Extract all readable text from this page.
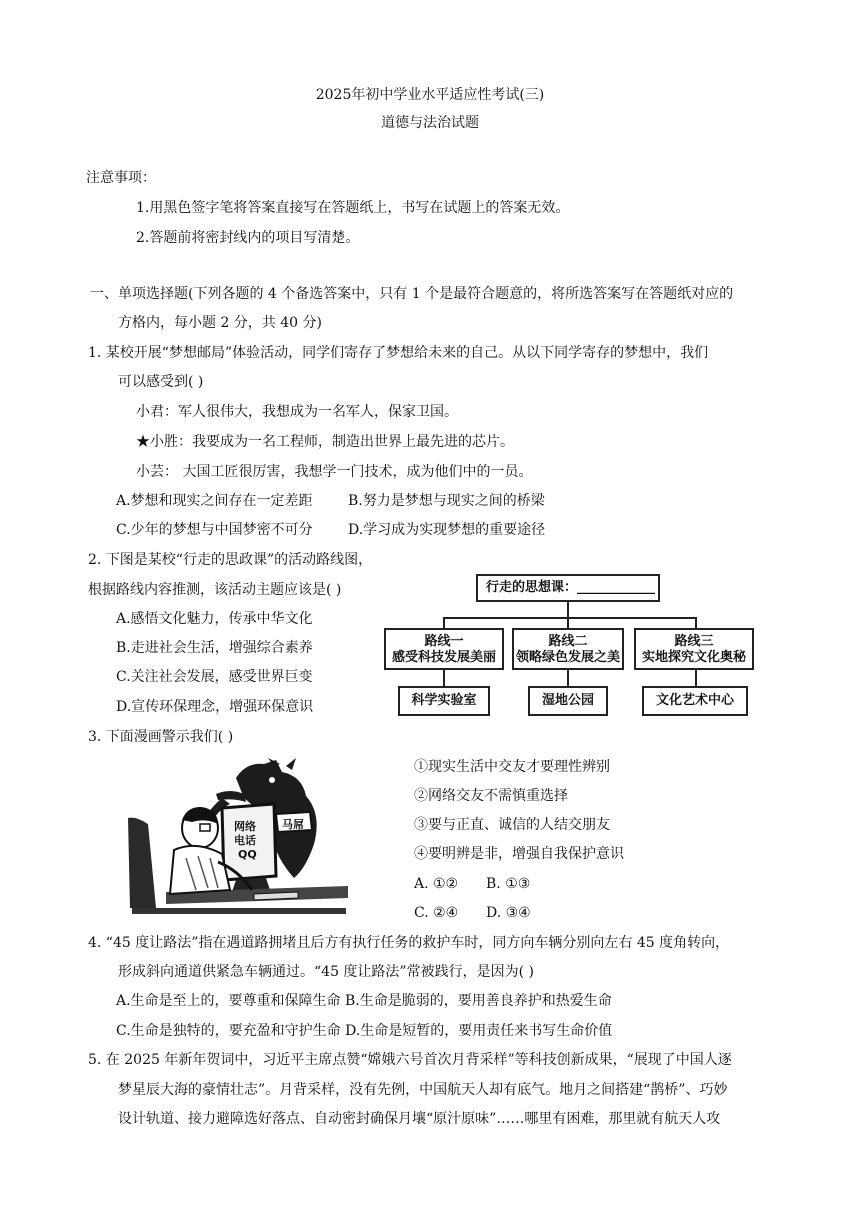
2025年初中学业水平适应性考试(三)
道德与法治试题
注意事项：
1.用黑色签字笔将答案直接写在答题纸上，书写在试题上的答案无效。
2.答题前将密封线内的项目写清楚。
一、单项选择题(下列各题的 4 个备选答案中，只有 1 个是最符合题意的，将所选答案写在答题纸对应的
方格内，每小题 2 分，共 40 分)
1. 某校开展“梦想邮局”体验活动，同学们寄存了梦想给未来的自己。从以下同学寄存的梦想中，我们
可以感受到( )
小君：军人很伟大，我想成为一名军人，保家卫国。
★小胜：我要成为一名工程师，制造出世界上最先进的芯片。
小芸： 大国工匠很厉害，我想学一门技术，成为他们中的一员。
A.梦想和现实之间存在一定差距	B.努力是梦想与现实之间的桥梁
C.少年的梦想与中国梦密不可分	D.学习成为实现梦想的重要途径
2. 下图是某校“行走的思政课”的活动路线图，
根据路线内容推测，该活动主题应该是( )
A.感悟文化魅力，传承中华文化
B.走进社会生活，增强综合素养
C.关注社会发展，感受世界巨变
D.宣传环保理念，增强环保意识
行走的思想课：____________
路线一
感受科技发展美丽
路线二
领略绿色发展之美
路线三
实地探究文化奥秘
科学实验室	湿地公园	文化艺术中心
3. 下面漫画警示我们( )
马屌
网络
电话
QQ
①现实生活中交友才要理性辨别
②网络交友不需慎重选择
③要与正直、诚信的人结交朋友
④要明辨是非，增强自我保护意识
A. ①② B. ①③
C. ②④ D. ③④
4. “45 度让路法”指在遇道路拥堵且后方有执行任务的救护车时，同方向车辆分别向左右 45 度角转向，
形成斜向通道供紧急车辆通过。“45 度让路法”常被践行，是因为( )
A.生命是至上的，要尊重和保障生命 B.生命是脆弱的，要用善良养护和热爱生命
C.生命是独特的，要充盈和守护生命 D.生命是短暂的，要用责任来书写生命价值
5. 在 2025 年新年贺词中，习近平主席点赞“嫦娥六号首次月背采样”等科技创新成果，“展现了中国人逐
梦星辰大海的豪情壮志”。月背采样，没有先例，中国航天人却有底气。地月之间搭建“鹊桥”、巧妙
设计轨道、接力避障选好落点、自动密封确保月壤“原汁原味”……哪里有困难，那里就有航天人攻
